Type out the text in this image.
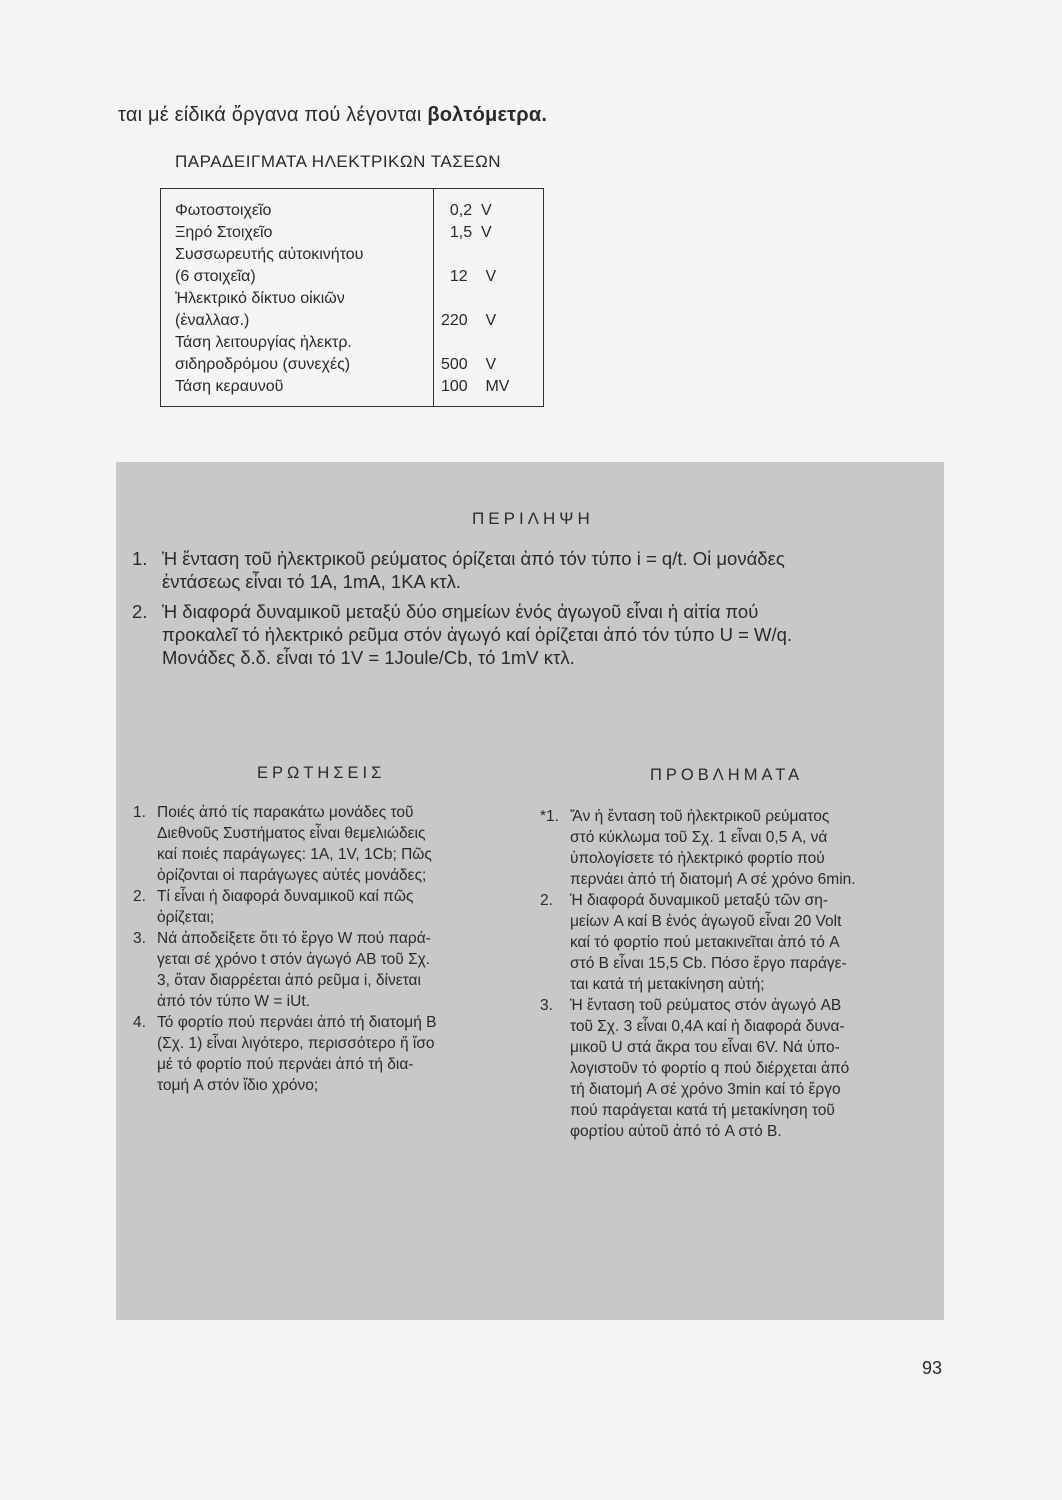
ται μέ είδικά ὄργανα πού λέγονται βολτόμετρα.
ΠΑΡΑΔΕΙΓΜΑΤΑ ΗΛΕΚΤΡΙΚΩΝ ΤΑΣΕΩΝ
Φωτοστοιχεῖο	0,2  V
Ξηρό Στοιχεῖο	1,5  V
Συσσωρευτής αὐτοκινήτου
(6 στοιχεῖα)	12    V
Ἠλεκτρικό δίκτυο οἰκιῶν
(ἐναλλασ.)	220    V
Τάση λειτουργίας ἠλεκτρ.
σιδηροδρόμου (συνεχές)	500    V
Τάση κεραυνοῦ	100    MV
ΠΕΡΙΛΗΨΗ
1. Ἡ ἔνταση τοῦ ἠλεκτρικοῦ ρεύματος όρίζεται ἀπό τόν τύπο i = q/t. Οἱ μονάδες
ἐντάσεως εἶναι τό 1A, 1mA, 1KA κτλ.
2. Ἡ διαφορά δυναμικοῦ μεταξύ δύο σημείων ἑνός ἀγωγοῦ εἶναι ἡ αἰτία πού
προκαλεῖ τό ἠλεκτρικό ρεῦμα στόν ἀγωγό καί ὁρίζεται ἀπό τόν τύπο U = W/q.
Μονάδες δ.δ. εἶναι τό 1V = 1Joule/Cb, τό 1mV κτλ.
ΕΡΩΤΗΣΕΙΣ	ΠΡΟΒΛΗΜΑΤΑ
1. Ποιές ἀπό τίς παρακάτω μονάδες τοῦ
Διεθνοῦς Συστήματος εἶναι θεμελιώδεις
καί ποιές παράγωγες: 1A, 1V, 1Cb; Πῶς
ὁρίζονται οἱ παράγωγες αὐτές μονάδες;
2. Τί εἶναι ἡ διαφορά δυναμικοῦ καί πῶς
ὁρίζεται;
3. Νά ἀποδείξετε ὅτι τό ἔργο W πού παρά-
γεται σέ χρόνο t στόν ἀγωγό AB τοῦ Σχ.
3, ὅταν διαρρέεται ἀπό ρεῦμα i, δίνεται
ἀπό τόν τύπο W = iUt.
4. Τό φορτίο πού περνάει ἀπό τή διατομή B
(Σχ. 1) εἶναι λιγότερο, περισσότερο ἤ ἴσο
μέ τό φορτίο πού περνάει ἀπό τή δια-
τομή A στόν ἴδιο χρόνο;
*1. Ἄν ἡ ἔνταση τοῦ ἠλεκτρικοῦ ρεύματος
στό κύκλωμα τοῦ Σχ. 1 εἶναι 0,5 A, νά
ὑπολογίσετε τό ἠλεκτρικό φορτίο πού
περνάει ἀπό τή διατομή A σέ χρόνο 6min.
2. Ἡ διαφορά δυναμικοῦ μεταξύ τῶν ση-
μείων A καί B ἑνός ἀγωγοῦ εἶναι 20 Volt
καί τό φορτίο πού μετακινεῖται ἀπό τό A
στό B εἶναι 15,5 Cb. Πόσο ἔργο παράγε-
ται κατά τή μετακίνηση αὐτή;
3. Ἡ ἔνταση τοῦ ρεύματος στόν ἀγωγό AB
τοῦ Σχ. 3 εἶναι 0,4A καί ἡ διαφορά δυνα-
μικοῦ U στά ἄκρα του εἶναι 6V. Νά ὑπο-
λογιστοῦν τό φορτίο q πού διέρχεται ἀπό
τή διατομή A σέ χρόνο 3min καί τό ἔργο
πού παράγεται κατά τή μετακίνηση τοῦ
φορτίου αὐτοῦ ἀπό τό A στό B.
93
